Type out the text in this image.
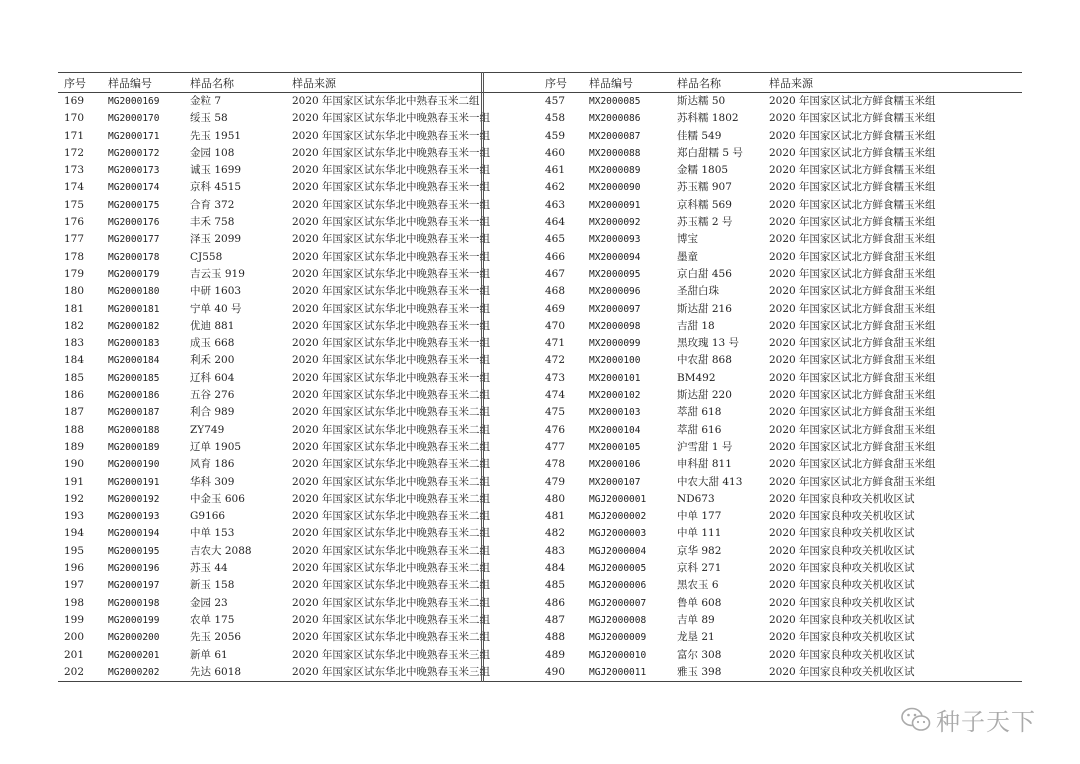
序号	样品编号	样品名称	样品来源
169	MG2000169	金粒 7	2020 年国家区试东华北中熟春玉米二组
170	MG2000170	绥玉 58	2020 年国家区试东华北中晚熟春玉米一组
171	MG2000171	先玉 1951	2020 年国家区试东华北中晚熟春玉米一组
172	MG2000172	金园 108	2020 年国家区试东华北中晚熟春玉米一组
173	MG2000173	诚玉 1699	2020 年国家区试东华北中晚熟春玉米一组
174	MG2000174	京科 4515	2020 年国家区试东华北中晚熟春玉米一组
175	MG2000175	合育 372	2020 年国家区试东华北中晚熟春玉米一组
176	MG2000176	丰禾 758	2020 年国家区试东华北中晚熟春玉米一组
177	MG2000177	泽玉 2099	2020 年国家区试东华北中晚熟春玉米一组
178	MG2000178	CJ558	2020 年国家区试东华北中晚熟春玉米一组
179	MG2000179	吉云玉 919	2020 年国家区试东华北中晚熟春玉米一组
180	MG2000180	中研 1603	2020 年国家区试东华北中晚熟春玉米一组
181	MG2000181	宁单 40 号	2020 年国家区试东华北中晚熟春玉米一组
182	MG2000182	优迪 881	2020 年国家区试东华北中晚熟春玉米一组
183	MG2000183	成玉 668	2020 年国家区试东华北中晚熟春玉米一组
184	MG2000184	利禾 200	2020 年国家区试东华北中晚熟春玉米一组
185	MG2000185	辽科 604	2020 年国家区试东华北中晚熟春玉米一组
186	MG2000186	五谷 276	2020 年国家区试东华北中晚熟春玉米二组
187	MG2000187	利合 989	2020 年国家区试东华北中晚熟春玉米二组
188	MG2000188	ZY749	2020 年国家区试东华北中晚熟春玉米二组
189	MG2000189	辽单 1905	2020 年国家区试东华北中晚熟春玉米二组
190	MG2000190	风育 186	2020 年国家区试东华北中晚熟春玉米二组
191	MG2000191	华科 309	2020 年国家区试东华北中晚熟春玉米二组
192	MG2000192	中金玉 606	2020 年国家区试东华北中晚熟春玉米二组
193	MG2000193	G9166	2020 年国家区试东华北中晚熟春玉米二组
194	MG2000194	中单 153	2020 年国家区试东华北中晚熟春玉米二组
195	MG2000195	吉农大 2088	2020 年国家区试东华北中晚熟春玉米二组
196	MG2000196	苏玉 44	2020 年国家区试东华北中晚熟春玉米二组
197	MG2000197	新玉 158	2020 年国家区试东华北中晚熟春玉米二组
198	MG2000198	金园 23	2020 年国家区试东华北中晚熟春玉米二组
199	MG2000199	农单 175	2020 年国家区试东华北中晚熟春玉米二组
200	MG2000200	先玉 2056	2020 年国家区试东华北中晚熟春玉米二组
201	MG2000201	新单 61	2020 年国家区试东华北中晚熟春玉米三组
202	MG2000202	先达 6018	2020 年国家区试东华北中晚熟春玉米三组
序号	样品编号	样品名称	样品来源
457	MX2000085	斯达糯 50	2020 年国家区试北方鲜食糯玉米组
458	MX2000086	苏科糯 1802	2020 年国家区试北方鲜食糯玉米组
459	MX2000087	佳糯 549	2020 年国家区试北方鲜食糯玉米组
460	MX2000088	郑白甜糯 5 号	2020 年国家区试北方鲜食糯玉米组
461	MX2000089	金糯 1805	2020 年国家区试北方鲜食糯玉米组
462	MX2000090	苏玉糯 907	2020 年国家区试北方鲜食糯玉米组
463	MX2000091	京科糯 569	2020 年国家区试北方鲜食糯玉米组
464	MX2000092	苏玉糯 2 号	2020 年国家区试北方鲜食糯玉米组
465	MX2000093	博宝	2020 年国家区试北方鲜食甜玉米组
466	MX2000094	墨童	2020 年国家区试北方鲜食甜玉米组
467	MX2000095	京白甜 456	2020 年国家区试北方鲜食甜玉米组
468	MX2000096	圣甜白珠	2020 年国家区试北方鲜食甜玉米组
469	MX2000097	斯达甜 216	2020 年国家区试北方鲜食甜玉米组
470	MX2000098	吉甜 18	2020 年国家区试北方鲜食甜玉米组
471	MX2000099	黑玫瑰 13 号	2020 年国家区试北方鲜食甜玉米组
472	MX2000100	中农甜 868	2020 年国家区试北方鲜食甜玉米组
473	MX2000101	BM492	2020 年国家区试北方鲜食甜玉米组
474	MX2000102	斯达甜 220	2020 年国家区试北方鲜食甜玉米组
475	MX2000103	萃甜 618	2020 年国家区试北方鲜食甜玉米组
476	MX2000104	萃甜 616	2020 年国家区试北方鲜食甜玉米组
477	MX2000105	沪雪甜 1 号	2020 年国家区试北方鲜食甜玉米组
478	MX2000106	申科甜 811	2020 年国家区试北方鲜食甜玉米组
479	MX2000107	中农大甜 413	2020 年国家区试北方鲜食甜玉米组
480	MGJ2000001	ND673	2020 年国家良种攻关机收区试
481	MGJ2000002	中单 177	2020 年国家良种攻关机收区试
482	MGJ2000003	中单 111	2020 年国家良种攻关机收区试
483	MGJ2000004	京华 982	2020 年国家良种攻关机收区试
484	MGJ2000005	京科 271	2020 年国家良种攻关机收区试
485	MGJ2000006	黑农玉 6	2020 年国家良种攻关机收区试
486	MGJ2000007	鲁单 608	2020 年国家良种攻关机收区试
487	MGJ2000008	吉单 89	2020 年国家良种攻关机收区试
488	MGJ2000009	龙垦 21	2020 年国家良种攻关机收区试
489	MGJ2000010	富尔 308	2020 年国家良种攻关机收区试
490	MGJ2000011	雅玉 398	2020 年国家良种攻关机收区试
种子天下
